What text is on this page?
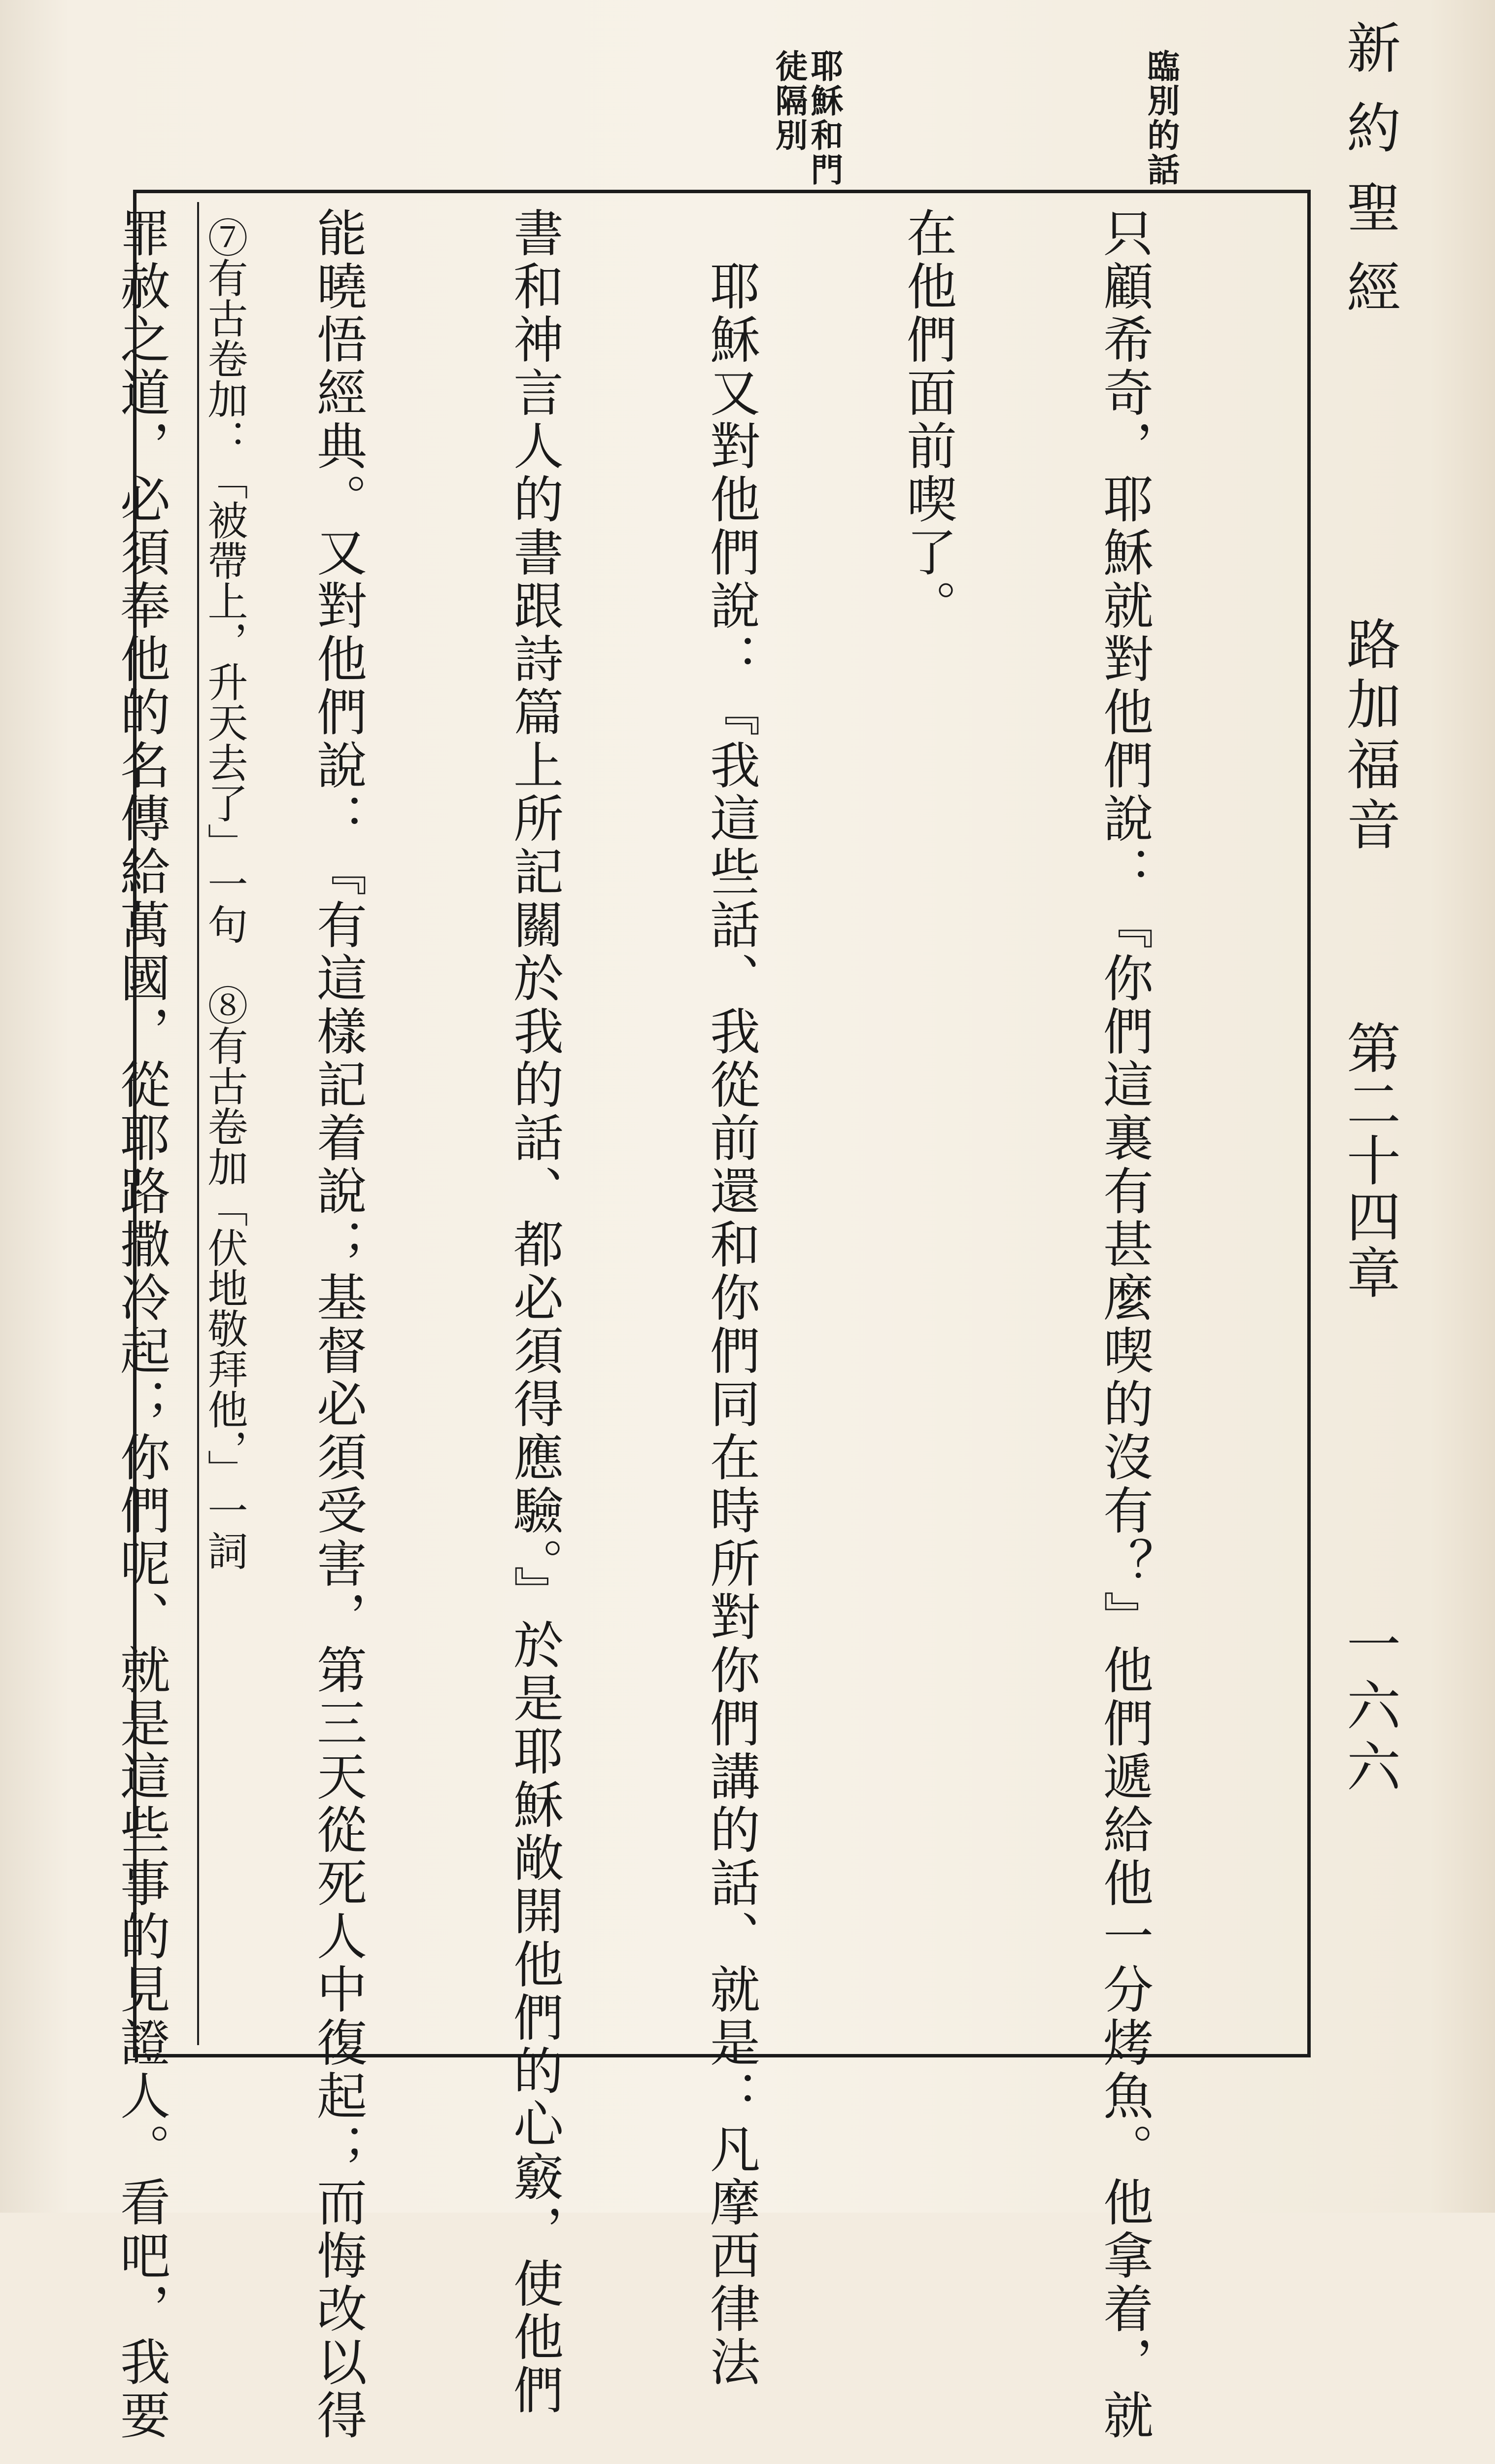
新約聖經
路加福音
第二十四章
一六六
臨別的話
耶穌和門
徒隔別

只顧希奇，耶穌就對他們說：『你們這裏有甚麼喫的沒有？』他們遞給他一分烤魚。他拿着，就

在他們面前喫了。

　耶穌又對他們說：『我這些話、我從前還和你們同在時所對你們講的話、就是：凡摩西律法

書和神言人的書跟詩篇上所記關於我的話、都必須得應驗。』於是耶穌敞開他們的心竅，使他們

能曉悟經典。又對他們說：『有這樣記着說；基督必須受害，第三天從死人中復起；而悔改以得

罪赦之道，必須奉他的名傳給萬國，從耶路撒冷起；你們呢、就是這些事的見證人。看吧，我要

⑦有古卷加：「被帶上，升天去了」一句　⑧有古卷加「伏地敬拜他，」一詞
